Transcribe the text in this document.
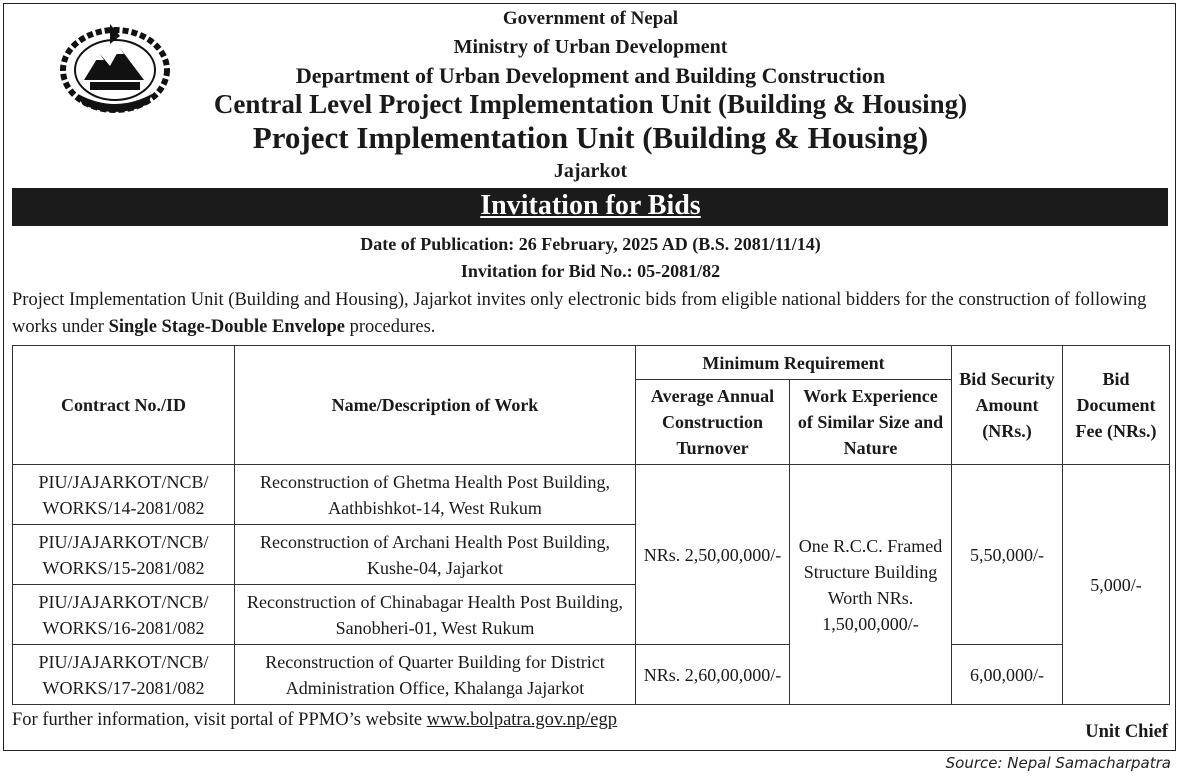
Government of Nepal
Ministry of Urban Development
Department of Urban Development and Building Construction
Central Level Project Implementation Unit (Building & Housing)
Project Implementation Unit (Building & Housing)
Jajarkot
Invitation for Bids
Date of Publication: 26 February, 2025 AD (B.S. 2081/11/14)
Invitation for Bid No.: 05-2081/82
Project Implementation Unit (Building and Housing), Jajarkot invites only electronic bids from eligible national bidders for the construction of following works under Single Stage-Double Envelope procedures.
Contract No./ID	Name/Description of Work	Minimum Requirement		Bid Security Amount (NRs.)	Bid Document Fee (NRs.)
		Average Annual Construction Turnover	Work Experience of Similar Size and Nature		
PIU/JAJARKOT/NCB/ WORKS/14-2081/082	Reconstruction of Ghetma Health Post Building, Aathbishkot-14, West Rukum	NRs. 2,50,00,000/-	One R.C.C. Framed Structure Building Worth NRs. 1,50,00,000/-	5,50,000/-	5,000/-
PIU/JAJARKOT/NCB/ WORKS/15-2081/082	Reconstruction of Archani Health Post Building, Kushe-04, Jajarkot				
PIU/JAJARKOT/NCB/ WORKS/16-2081/082	Reconstruction of Chinabagar Health Post Building, Sanobheri-01, West Rukum				
PIU/JAJARKOT/NCB/ WORKS/17-2081/082	Reconstruction of Quarter Building for District Administration Office, Khalanga Jajarkot	NRs. 2,60,00,000/-		6,00,000/-	
For further information, visit portal of PPMO’s website www.bolpatra.gov.np/egp
Unit Chief
Source: Nepal Samacharpatra
